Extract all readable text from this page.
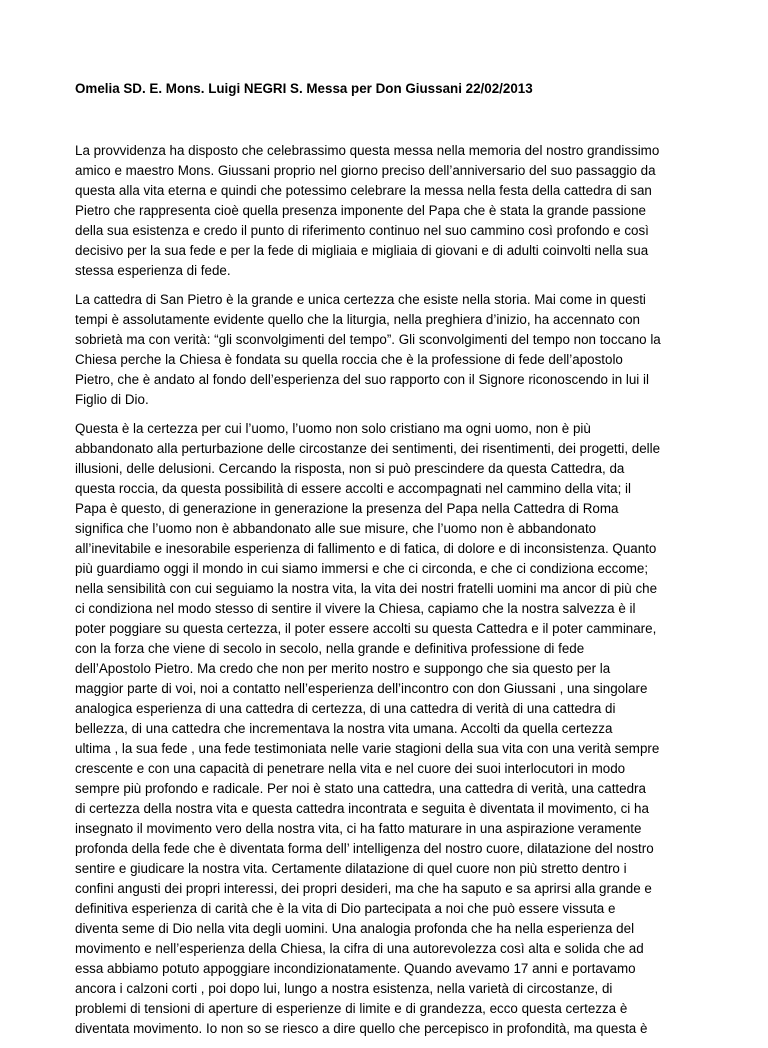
Omelia SD. E. Mons. Luigi NEGRI S. Messa per Don Giussani 22/02/2013
La provvidenza ha disposto che celebrassimo questa messa nella memoria del nostro grandissimo
amico e maestro Mons. Giussani proprio nel giorno preciso dell’anniversario del suo passaggio da
questa alla vita eterna e quindi che potessimo celebrare la messa nella festa della cattedra di san
Pietro che rappresenta cioè quella presenza imponente del Papa che è stata la grande passione
della sua esistenza e credo il punto di riferimento continuo nel suo cammino così profondo e così
decisivo per la sua fede e per la fede di migliaia e migliaia di giovani e di adulti coinvolti nella sua
stessa esperienza di fede.
La cattedra di San Pietro è la grande e unica certezza che esiste nella storia. Mai come in questi
tempi è assolutamente evidente quello che la liturgia, nella preghiera d’inizio, ha accennato con
sobrietà ma con verità: “gli sconvolgimenti del tempo”. Gli sconvolgimenti del tempo non toccano la
Chiesa perche la Chiesa è fondata su quella roccia che è la professione di fede dell’apostolo
Pietro, che è andato al fondo dell’esperienza del suo rapporto con il Signore riconoscendo in lui il
Figlio di Dio.
Questa è la certezza per cui l’uomo, l’uomo non solo cristiano ma ogni uomo, non è più
abbandonato alla perturbazione delle circostanze dei sentimenti, dei risentimenti, dei progetti, delle
illusioni, delle delusioni. Cercando la risposta, non si può prescindere da questa Cattedra, da
questa roccia, da questa possibilità di essere accolti e accompagnati nel cammino della vita; il
Papa è questo, di generazione in generazione la presenza del Papa nella Cattedra di Roma
significa che l’uomo non è abbandonato alle sue misure, che l’uomo non è abbandonato
all’inevitabile e inesorabile esperienza di fallimento e di fatica, di dolore e di inconsistenza. Quanto
più guardiamo oggi il mondo in cui siamo immersi e che ci circonda, e che ci condiziona eccome;
nella sensibilità con cui seguiamo la nostra vita, la vita dei nostri fratelli uomini ma ancor di più che
ci condiziona nel modo stesso di sentire il vivere la Chiesa, capiamo che la nostra salvezza è il
poter poggiare su questa certezza, il poter essere accolti su questa Cattedra e il poter camminare,
con la forza che viene di secolo in secolo, nella grande e definitiva professione di fede
dell’Apostolo Pietro. Ma credo che non per merito nostro e suppongo che sia questo per la
maggior parte di voi, noi a contatto nell’esperienza dell’incontro con don Giussani , una singolare
analogica esperienza di una cattedra di certezza, di una cattedra di verità di una cattedra di
bellezza, di una cattedra che incrementava la nostra vita umana. Accolti da quella certezza
ultima , la sua fede , una fede testimoniata nelle varie stagioni della sua vita con una verità sempre
crescente e con una capacità di penetrare nella vita e nel cuore dei suoi interlocutori in modo
sempre più profondo e radicale. Per noi è stato una cattedra, una cattedra di verità, una cattedra
di certezza della nostra vita e questa cattedra incontrata e seguita è diventata il movimento, ci ha
insegnato il movimento vero della nostra vita, ci ha fatto maturare in una aspirazione veramente
profonda della fede che è diventata forma dell’ intelligenza del nostro cuore, dilatazione del nostro
sentire e giudicare la nostra vita. Certamente dilatazione di quel cuore non più stretto dentro i
confini angusti dei propri interessi, dei propri desideri, ma che ha saputo e sa aprirsi alla grande e
definitiva esperienza di carità che è la vita di Dio partecipata a noi che può essere vissuta e
diventa seme di Dio nella vita degli uomini. Una analogia profonda che ha nella esperienza del
movimento e nell’esperienza della Chiesa, la cifra di una autorevolezza così alta e solida che ad
essa abbiamo potuto appoggiare incondizionatamente. Quando avevamo 17 anni e portavamo
ancora i calzoni corti , poi dopo lui, lungo a nostra esistenza, nella varietà di circostanze, di
problemi di tensioni di aperture di esperienze di limite e di grandezza, ecco questa certezza è
diventata movimento. Io non so se riesco a dire quello che percepisco in profondità, ma questa è
